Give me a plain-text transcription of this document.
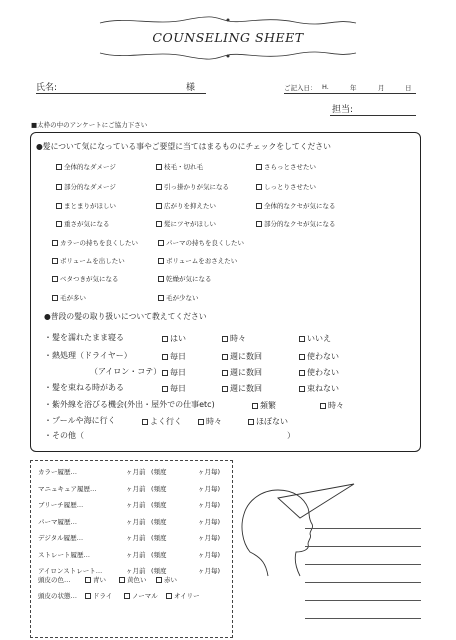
COUNSELING SHEET
氏名:	様	ご記入日： H.	年	月	日
担当:
■太枠の中のアンケートにご協力下さい
●髪について気になっている事やご要望に当てはまるものにチェックをしてください
全体的なダメージ	枝毛・切れ毛	さらっとさせたい
部分的なダメージ	引っ掛かりが気になる	しっとりさせたい
まとまりがほしい	広がりを抑えたい	全体的なクセが気になる
重さが気になる	髪にツヤがほしい	部分的なクセが気になる
カラーの持ちを良くしたい	パーマの持ちを良くしたい
ボリュームを出したい	ボリュームをおさえたい
ベタつきが気になる	乾燥が気になる
毛が多い	毛が少ない
●普段の髪の取り扱いについて教えてください
・髪を濡れたまま寝る	はい	時々	いいえ
・熱処理（ドライヤー）	毎日	週に数回	使わない
（アイロン・コテ） 毎日	週に数回	使わない
・髪を束ねる時がある	毎日	週に数回	束ねない
・紫外線を浴びる機会(外出・屋外での仕事etc)	頻繁	時々
・プールや海に行く	よく行く	時々	ほぼない
・その他（	）
カラー履歴…	ヶ月前 (頻度	ヶ月毎)
マニュキュア履歴…	ヶ月前 (頻度	ヶ月毎)
ブリーチ履歴…	ヶ月前 (頻度	ヶ月毎)
パーマ履歴…	ヶ月前 (頻度	ヶ月毎)
デジタル履歴…	ヶ月前 (頻度	ヶ月毎)
ストレート履歴…	ヶ月前 (頻度	ヶ月毎)
アイロンストレート…	ヶ月前 (頻度	ヶ月毎)
頭皮の色…	青い	黄色い	赤い
頭皮の状態… ドライ	ノーマル オイリー
